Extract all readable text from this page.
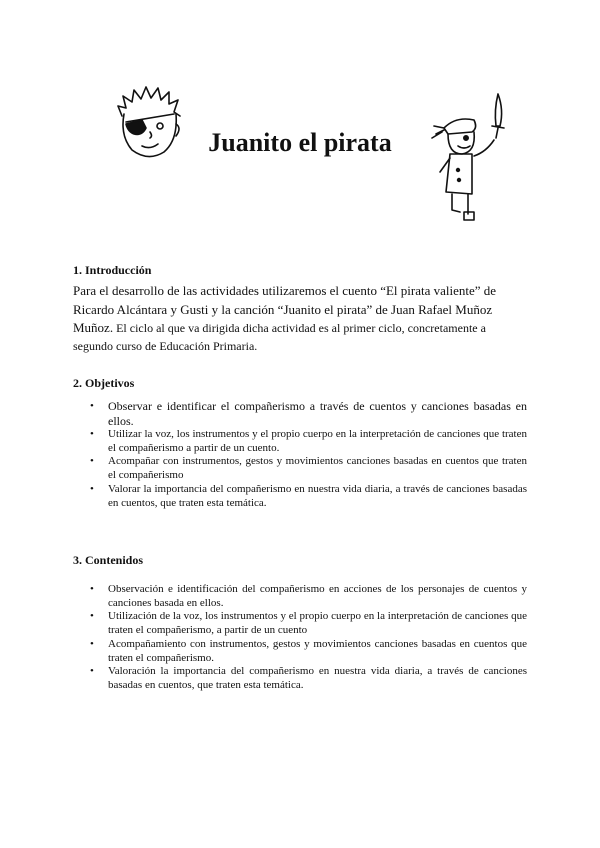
Juanito el pirata
1. Introducción

Para el desarrollo de las actividades utilizaremos el cuento “El pirata valiente” de Ricardo Alcántara y Gusti y la canción “Juanito el pirata” de Juan Rafael Muñoz Muñoz. El ciclo al que va dirigida dicha actividad es al primer ciclo, concretamente a segundo curso de Educación Primaria.

2. Objetivos
• Observar e identificar el compañerismo a través de cuentos y canciones basadas en ellos.
• Utilizar la voz, los instrumentos y el propio cuerpo en la interpretación de canciones que traten el compañerismo a partir de un cuento.
• Acompañar con instrumentos, gestos y movimientos canciones basadas en cuentos que traten el compañerismo
• Valorar la importancia del compañerismo en nuestra vida diaria, a través de canciones basadas en cuentos, que traten esta temática.
3. Contenidos
• Observación e identificación del compañerismo en acciones de los personajes de cuentos y canciones basada en ellos.
• Utilización de la voz, los instrumentos y el propio cuerpo en la interpretación de canciones que traten el compañerismo, a partir de un cuento
• Acompañamiento con instrumentos, gestos y movimientos canciones basadas en cuentos que traten el compañerismo.
• Valoración la importancia del compañerismo en nuestra vida diaria, a través de canciones basadas en cuentos, que traten esta temática.
